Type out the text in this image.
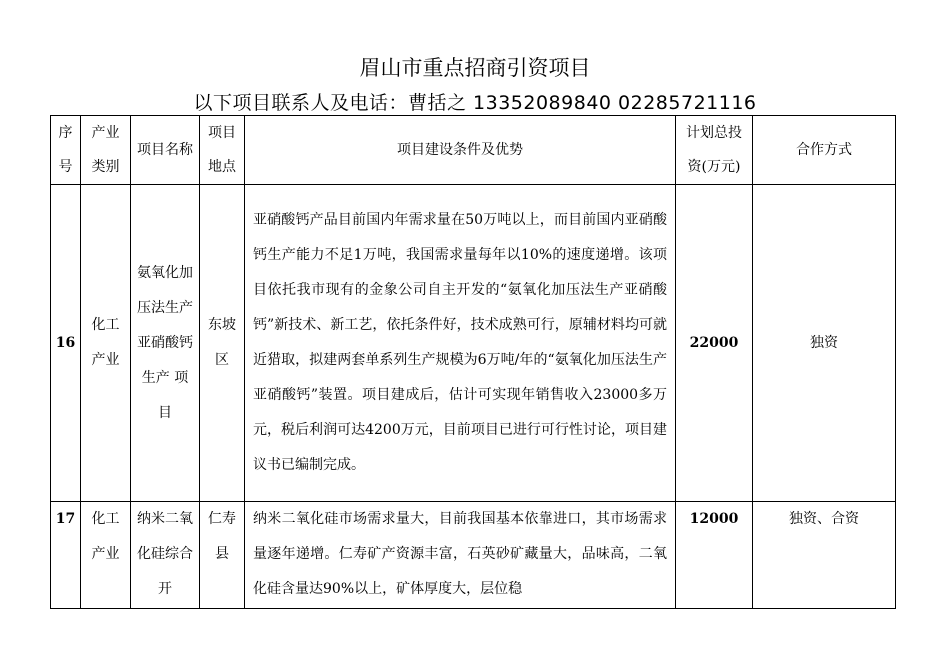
眉山市重点招商引资项目
以下项目联系人及电话：曹括之 13352089840 02285721116
序号	产业类别	项目名称	项目地点	项目建设条件及优势	计划总投资(万元)	合作方式
16	化工产业	氨氧化加压法生产亚硝酸钙生产 项目	东坡区	亚硝酸钙产品目前国内年需求量在50万吨以上，而目前国内亚硝酸钙生产能力不足1万吨，我国需求量每年以10%的速度递增。该项目依托我市现有的金象公司自主开发的“氨氧化加压法生产亚硝酸钙”新技术、新工艺，依托条件好，技术成熟可行，原辅材料均可就近猎取，拟建两套单系列生产规模为6万吨/年的“氨氧化加压法生产亚硝酸钙”装置。项目建成后，估计可实现年销售收入23000多万元，税后利润可达4200万元，目前项目已进行可行性讨论，项目建议书已编制完成。	22000	独资
17	化工产业	纳米二氧化硅综合开	仁寿县	纳米二氧化硅市场需求量大，目前我国基本依靠进口，其市场需求量逐年递增。仁寿矿产资源丰富，石英砂矿藏量大，品味高，二氧化硅含量达90%以上，矿体厚度大，层位稳	12000	独资、合资
